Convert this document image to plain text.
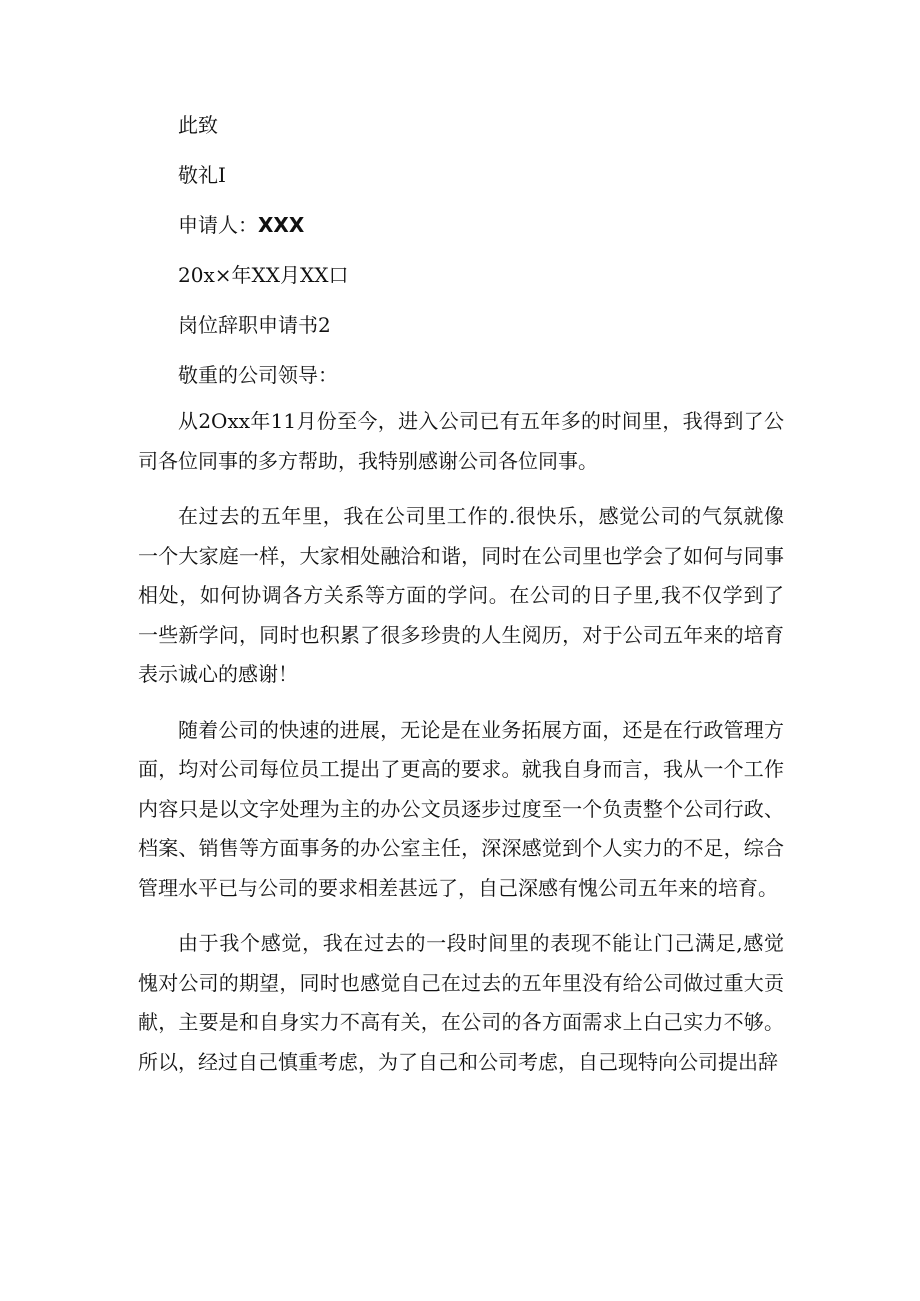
此致

敬礼I

申请人：XXX

20x×年XX月XX口

岗位辞职申请书2

敬重的公司领导：

从2Oxx年11月份至今，进入公司已有五年多的时间里，我得到了公司各位同事的多方帮助，我特别感谢公司各位同事。

在过去的五年里，我在公司里工作的.很快乐，感觉公司的气氛就像一个大家庭一样，大家相处融洽和谐，同时在公司里也学会了如何与同事相处，如何协调各方关系等方面的学问。在公司的日子里,我不仅学到了一些新学问，同时也积累了很多珍贵的人生阅历，对于公司五年来的培育表示诚心的感谢！

随着公司的快速的进展，无论是在业务拓展方面，还是在行政管理方面，均对公司每位员工提出了更高的要求。就我自身而言，我从一个工作内容只是以文字处理为主的办公文员逐步过度至一个负责整个公司行政、档案、销售等方面事务的办公室主任，深深感觉到个人实力的不足，综合管理水平已与公司的要求相差甚远了，自己深感有愧公司五年来的培育。

由于我个感觉，我在过去的一段时间里的表现不能让门己满足,感觉愧对公司的期望，同时也感觉自己在过去的五年里没有给公司做过重大贡献，主要是和自身实力不高有关，在公司的各方面需求上白己实力不够。所以，经过自己慎重考虑，为了自己和公司考虑，自己现特向公司提出辞
